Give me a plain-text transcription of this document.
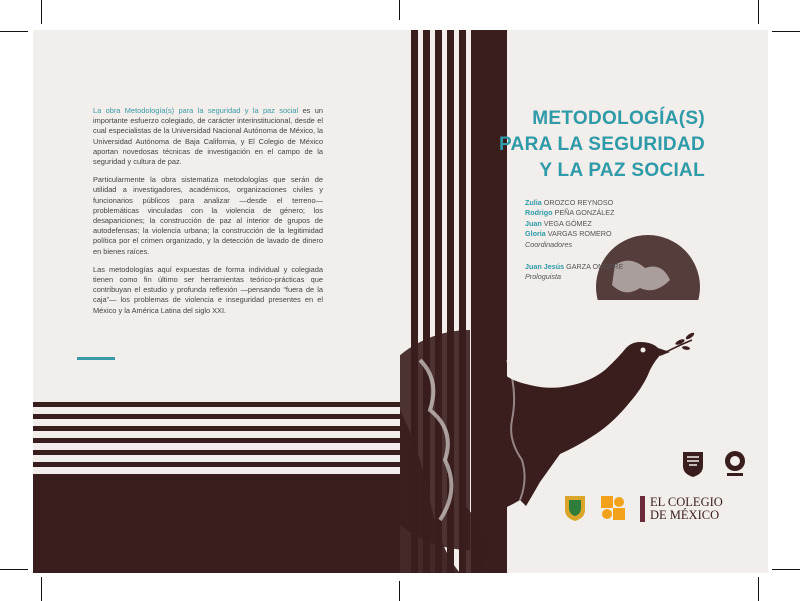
La obra Metodología(s) para la seguridad y la paz social es un importante esfuerzo colegiado, de carácter interinstitucional, desde el cual especialistas de la Universidad Nacional Autónoma de México, la Universidad Autónoma de Baja California, y El Colegio de México aportan novedosas técnicas de investigación en el campo de la seguridad y cultura de paz.

Particularmente la obra sistematiza metodologías que serán de utilidad a investigadores, académicos, organizaciones civiles y funcionarios públicos para analizar —desde el terreno— problemáticas vinculadas con la violencia de género; los desapariciones; la construcción de paz al interior de grupos de autodefensas; la violencia urbana; la construcción de la legitimidad política por el crimen organizado, y la detección de lavado de dinero en bienes raíces.

Las metodologías aquí expuestas de forma individual y colegiada tienen como fin último ser herramientas teórico-prácticas que contribuyan el estudio y profunda reflexión —pensando “fuera de la caja”— los problemas de violencia e inseguridad presentes en el México y la América Latina del siglo XXI.

METODOLOGÍA(S)
PARA LA SEGURIDAD
Y LA PAZ SOCIAL
Zulia OROZCO REYNOSO
Rodrigo PEÑA GONZÁLEZ
Juan VEGA GÓMEZ
Gloria VARGAS ROMERO
Coordinadores
Juan Jesús GARZA ONOFRE
Prologuista
EL COLEGIO
DE MÉXICO
